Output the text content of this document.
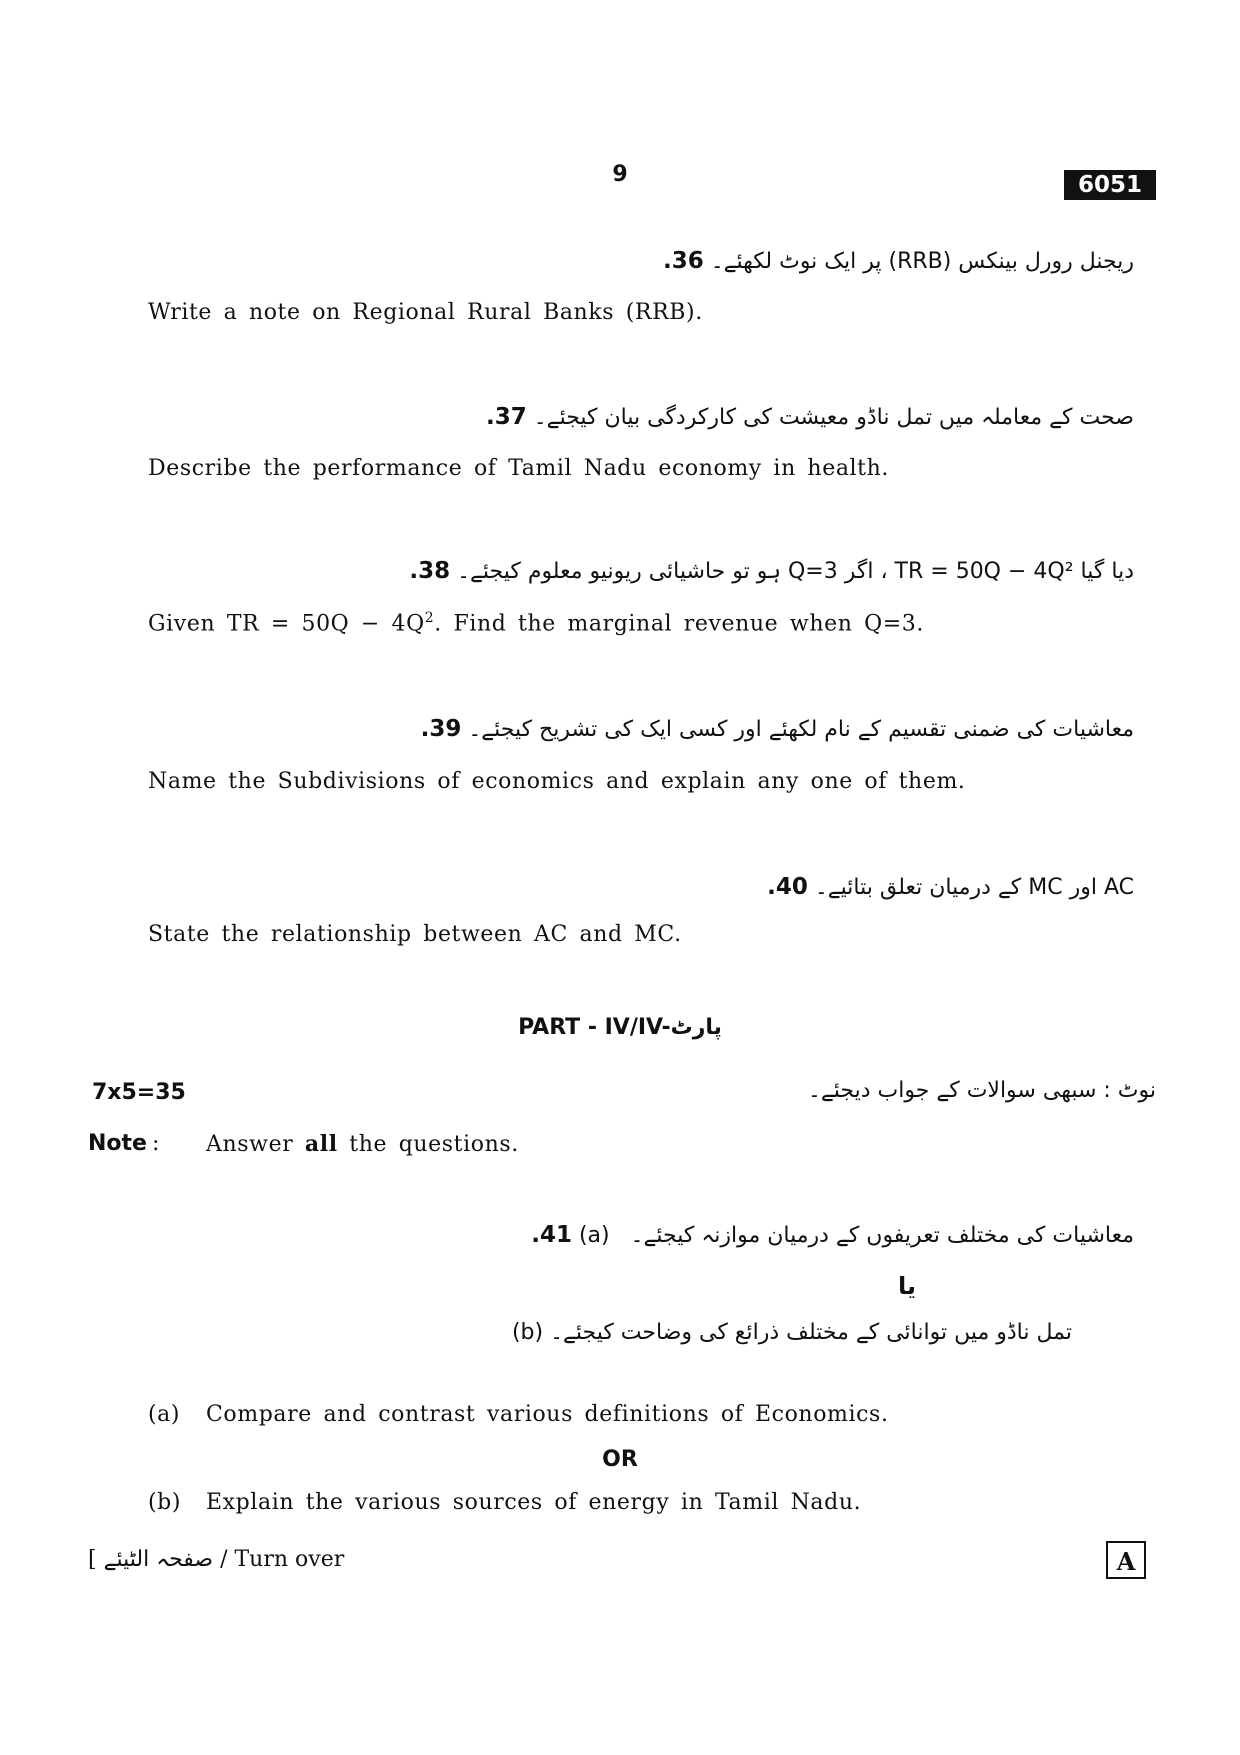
9	6051
.36 ریجنل رورل بینکس (RRB) پر ایک نوٹ لکھئے۔
Write a note on Regional Rural Banks (RRB).
.37 صحت کے معاملہ میں تمل ناڈو معیشت کی کارکردگی بیان کیجئے۔
Describe the performance of Tamil Nadu economy in health.
.38 دیا گیا TR = 50Q − 4Q² ، اگر Q=3 ہو تو حاشیائی ریونیو معلوم کیجئے۔
Given TR = $50Q - 4Q^2$. Find the marginal revenue when Q=3.
.39 معاشیات کی ضمنی تقسیم کے نام لکھئے اور کسی ایک کی تشریح کیجئے۔
Name the Subdivisions of economics and explain any one of them.
.40 AC اور MC کے درمیان تعلق بتائیے۔
State the relationship between AC and MC.
PART - IV/IV-پارٹ
7x5=35	نوٹ : سبھی سوالات کے جواب دیجئے۔
Note : Answer all the questions.
.41 (a) معاشیات کی مختلف تعریفوں کے درمیان موازنہ کیجئے۔
یا
(b) تمل ناڈو میں توانائی کے مختلف ذرائع کی وضاحت کیجئے۔
(a) Compare and contrast various definitions of Economics.
OR
(b) Explain the various sources of energy in Tamil Nadu.
[ صفحہ الٹیئے / Turn over	A
